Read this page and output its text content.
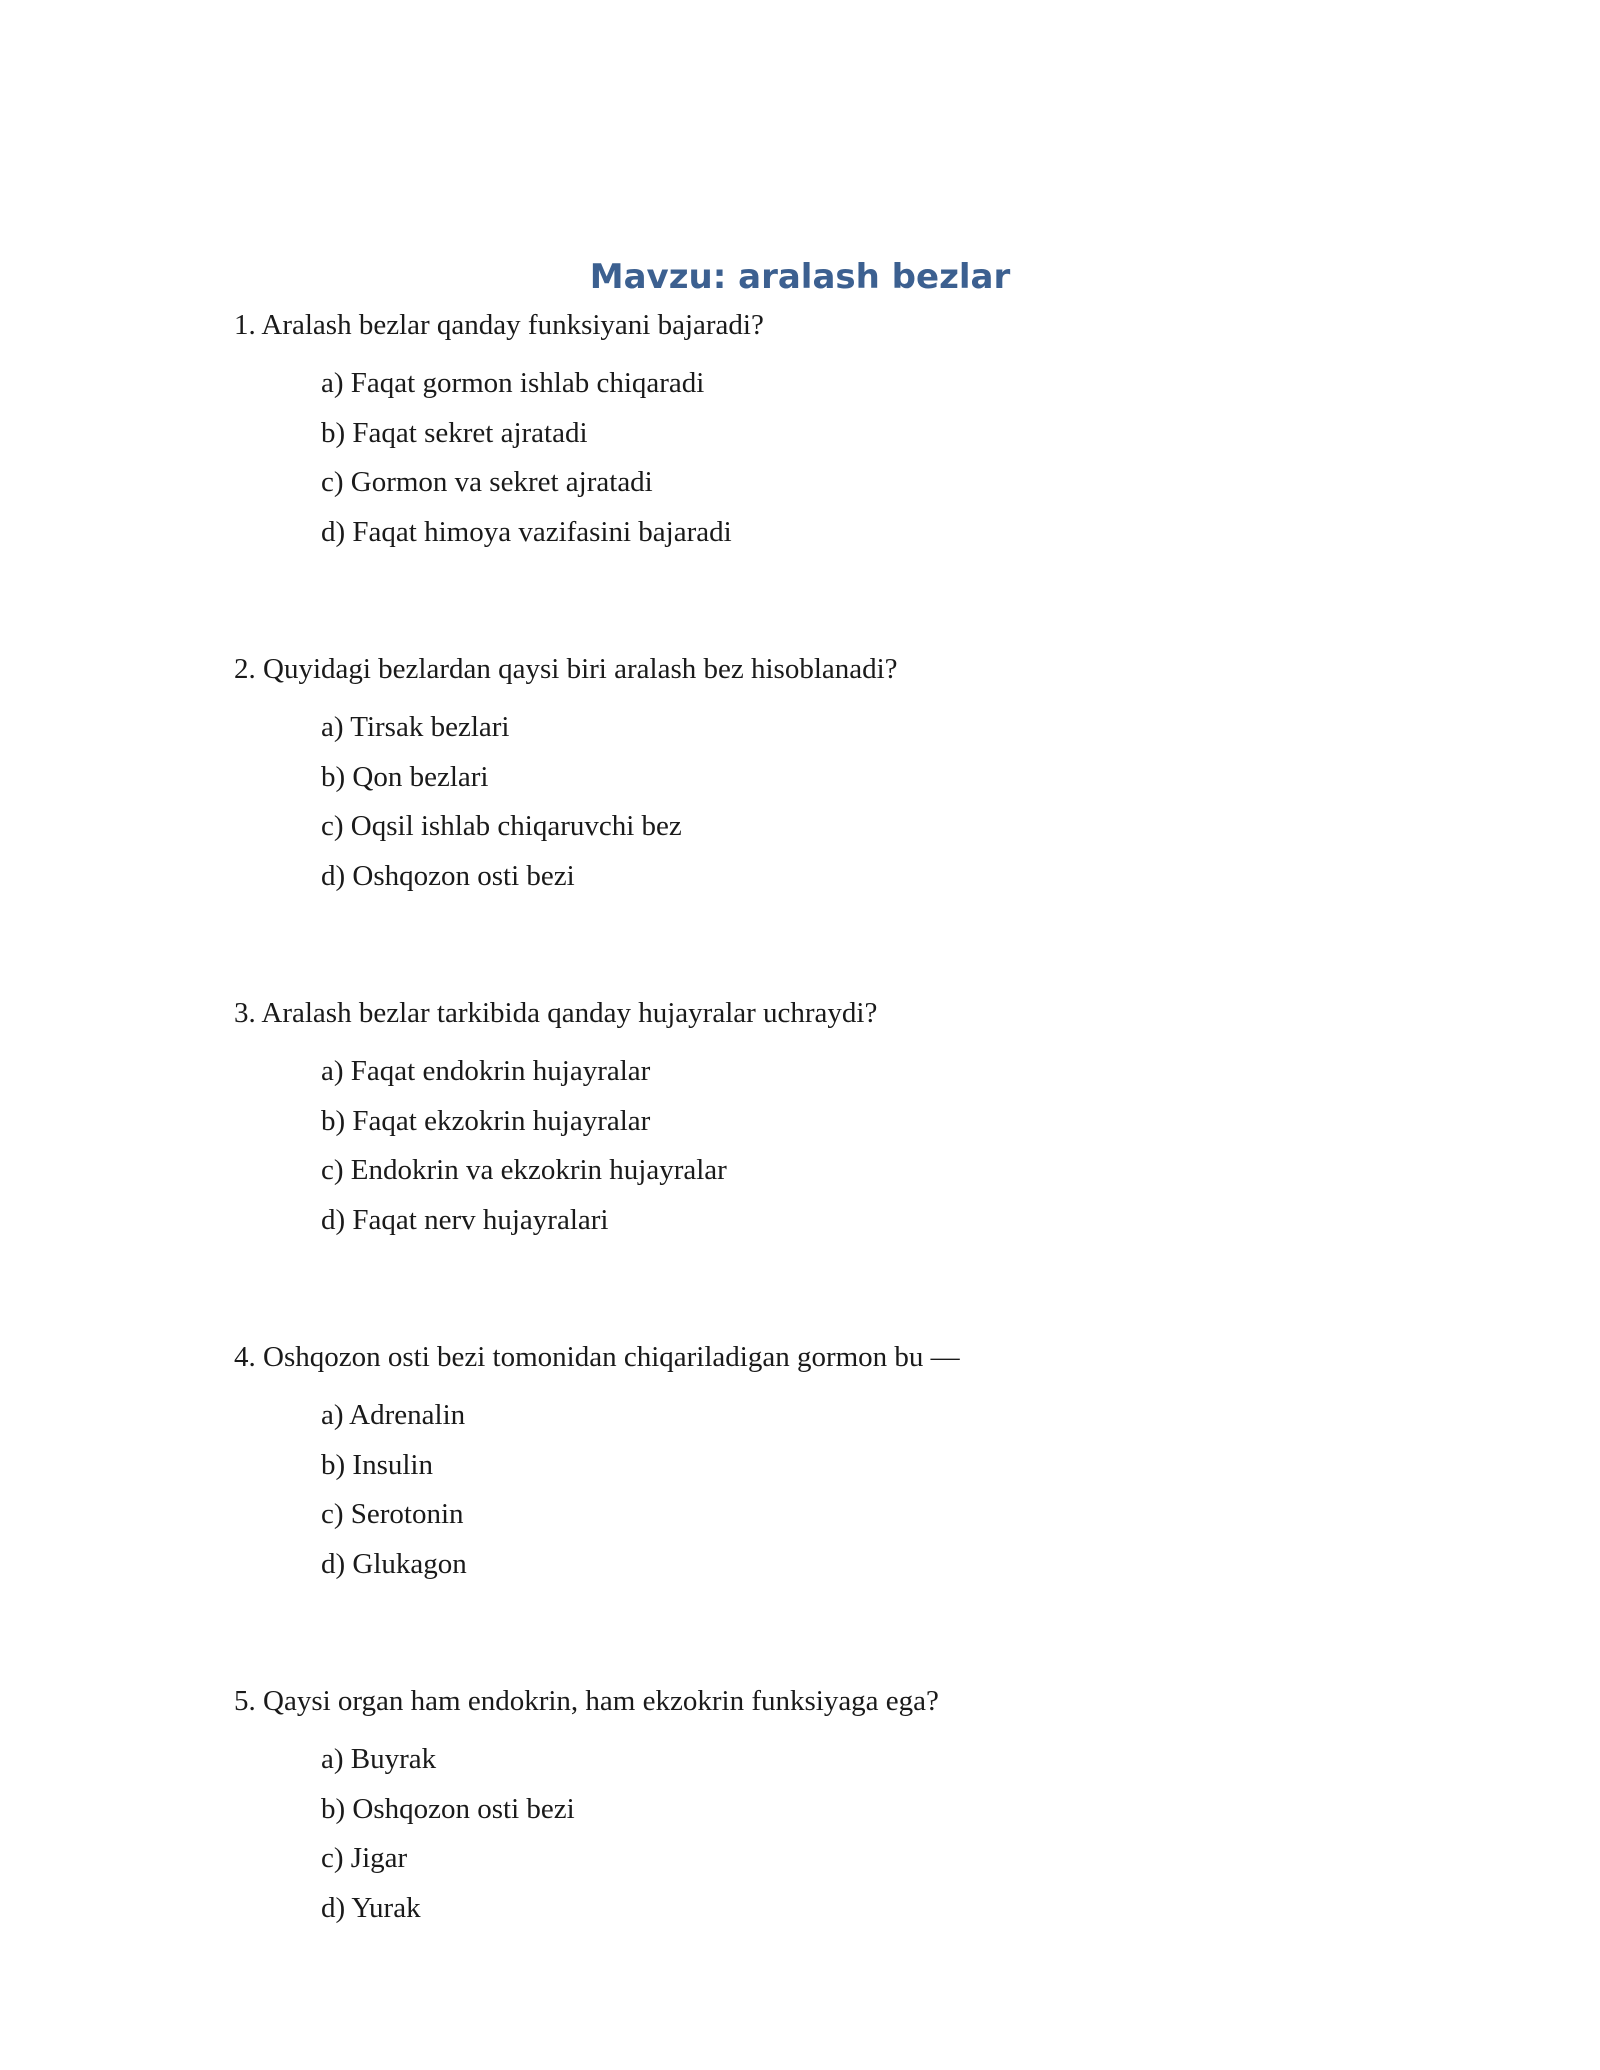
Mavzu: aralash bezlar

1. Aralash bezlar qanday funksiyani bajaradi?

a) Faqat gormon ishlab chiqaradi
b) Faqat sekret ajratadi
c) Gormon va sekret ajratadi
d) Faqat himoya vazifasini bajaradi

2. Quyidagi bezlardan qaysi biri aralash bez hisoblanadi?

a) Tirsak bezlari
b) Qon bezlari
c) Oqsil ishlab chiqaruvchi bez
d) Oshqozon osti bezi

3. Aralash bezlar tarkibida qanday hujayralar uchraydi?

a) Faqat endokrin hujayralar
b) Faqat ekzokrin hujayralar
c) Endokrin va ekzokrin hujayralar
d) Faqat nerv hujayralari

4. Oshqozon osti bezi tomonidan chiqariladigan gormon bu —

a) Adrenalin
b) Insulin
c) Serotonin
d) Glukagon

5. Qaysi organ ham endokrin, ham ekzokrin funksiyaga ega?

a) Buyrak
b) Oshqozon osti bezi
c) Jigar
d) Yurak
